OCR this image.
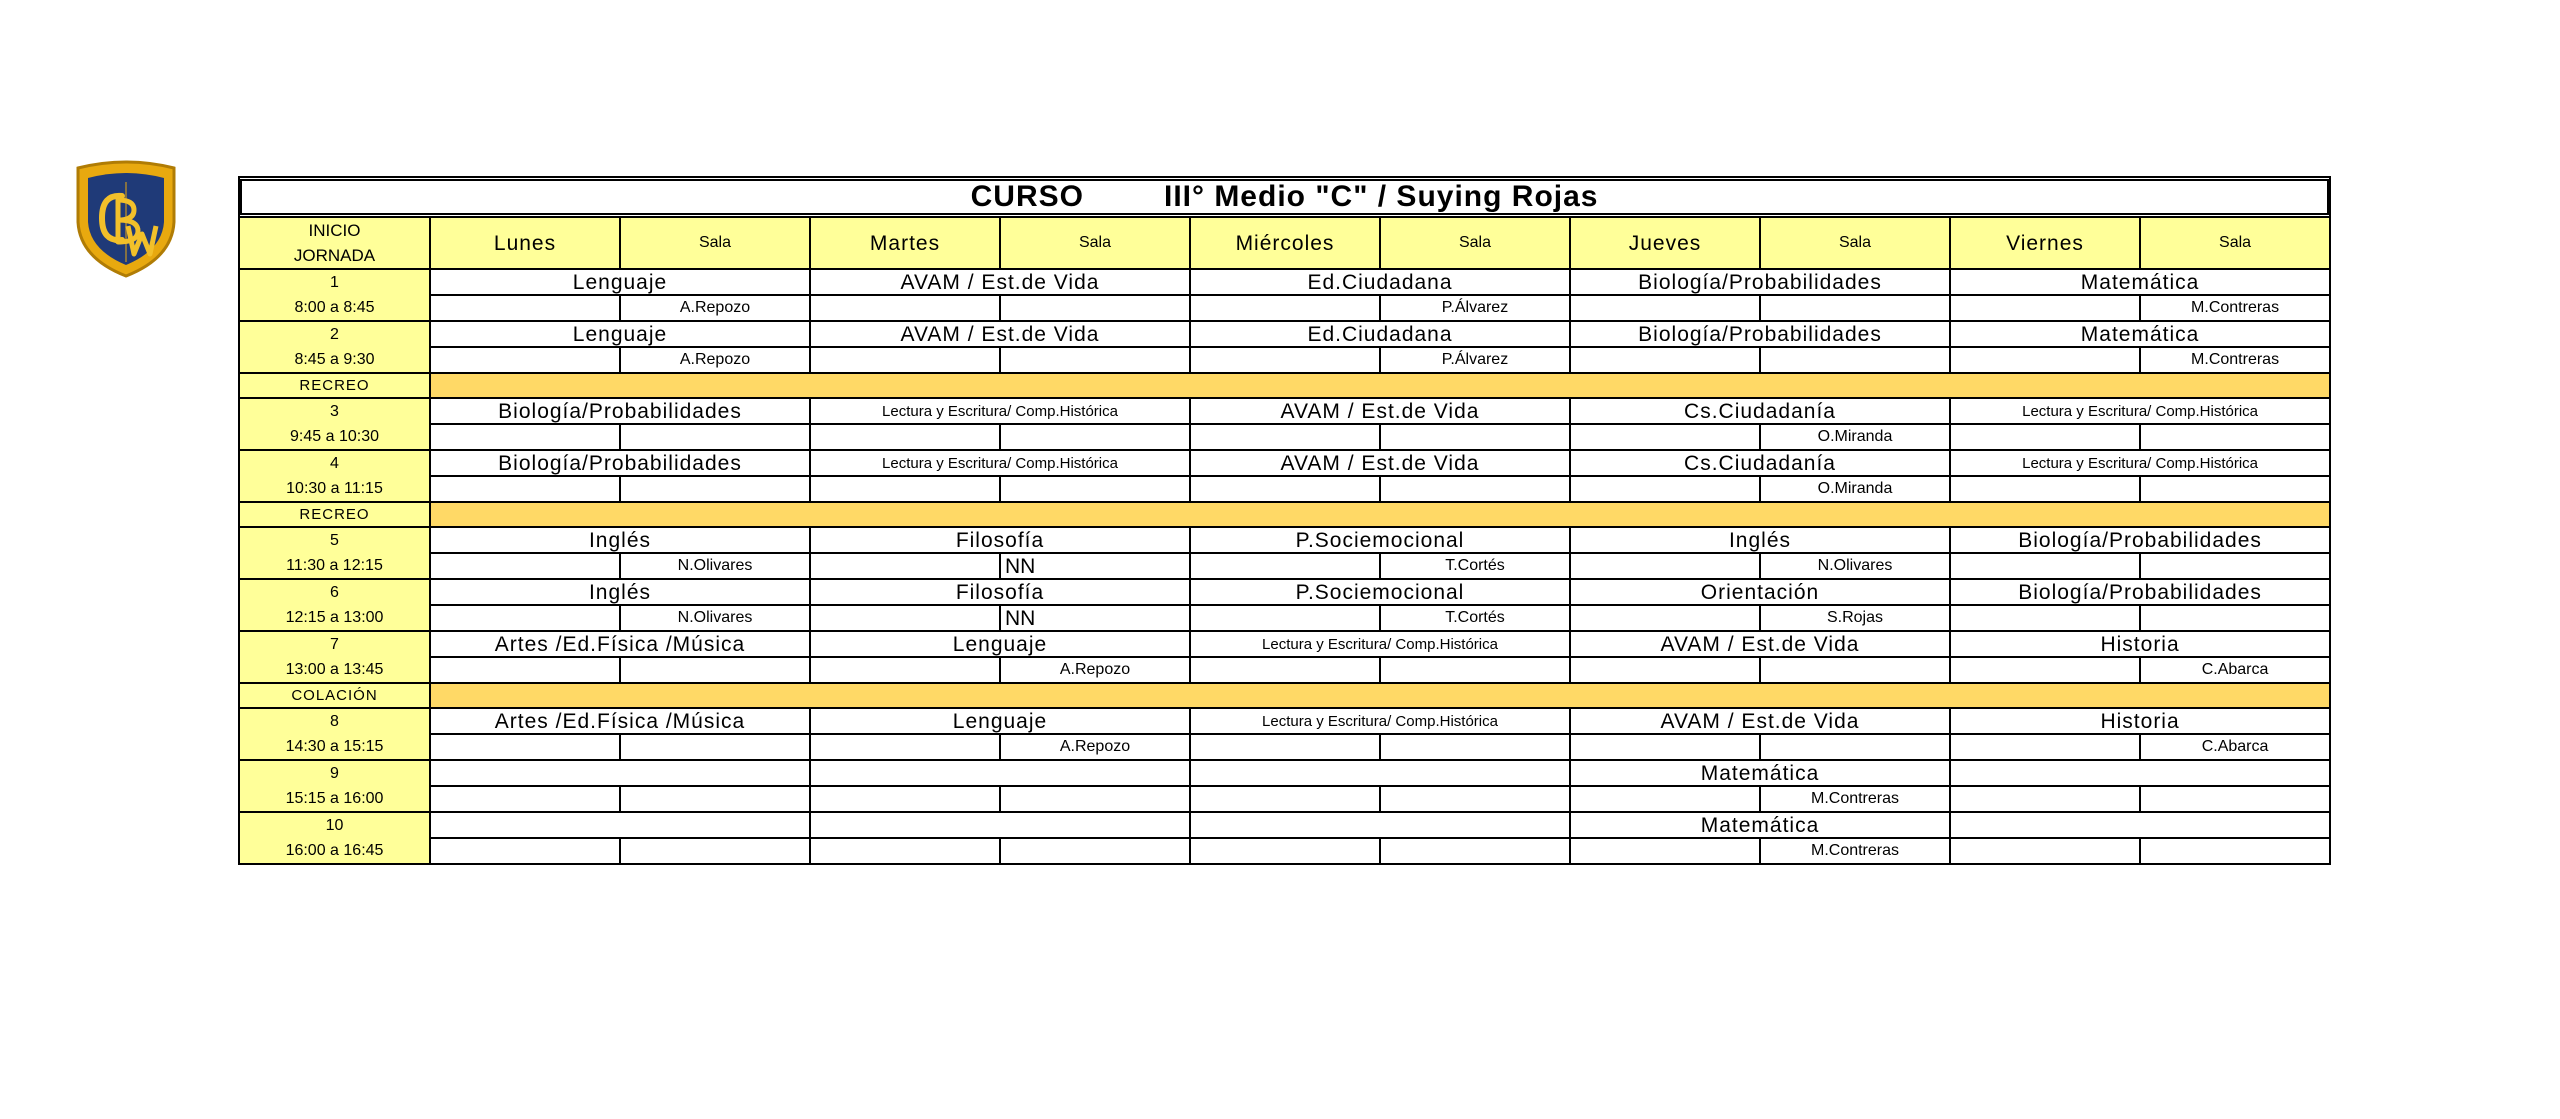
CURSO III° Medio "C" / Suying Rojas										

INICIO
JORNADA	Lunes	Sala	Martes	Sala	Miércoles	Sala	Jueves	Sala	Viernes	Sala
1
8:00 a 8:45	Lenguaje		AVAM / Est.de Vida		Ed.Ciudadana		Biología/Probabilidades		Matemática	
		A.Repozo				P.Álvarez				M.Contreras
2
8:45 a 9:30	Lenguaje		AVAM / Est.de Vida		Ed.Ciudadana		Biología/Probabilidades		Matemática	
		A.Repozo				P.Álvarez				M.Contreras
RECREO										
3
9:45 a 10:30	Biología/Probabilidades		Lectura y Escritura/ Comp.Histórica		AVAM / Est.de Vida		Cs.Ciudadanía		Lectura y Escritura/ Comp.Histórica	
								O.Miranda		
4
10:30 a 11:15	Biología/Probabilidades		Lectura y Escritura/ Comp.Histórica		AVAM / Est.de Vida		Cs.Ciudadanía		Lectura y Escritura/ Comp.Histórica	
								O.Miranda		
RECREO										
5
11:30 a 12:15	Inglés		Filosofía		P.Sociemocional		Inglés		Biología/Probabilidades	
		N.Olivares		NN		T.Cortés		N.Olivares		
6
12:15 a 13:00	Inglés		Filosofía		P.Sociemocional		Orientación		Biología/Probabilidades	
		N.Olivares		NN		T.Cortés		S.Rojas		
7
13:00 a 13:45	Artes /Ed.Física /Música		Lenguaje		Lectura y Escritura/ Comp.Histórica		AVAM / Est.de Vida		Historia	
				A.Repozo						C.Abarca
COLACIÓN										
8
14:30 a 15:15	Artes /Ed.Física /Música		Lenguaje		Lectura y Escritura/ Comp.Histórica		AVAM / Est.de Vida		Historia	
				A.Repozo						C.Abarca
9
15:15 a 16:00							Matemática			
								M.Contreras		
10
16:00 a 16:45							Matemática			
								M.Contreras		
